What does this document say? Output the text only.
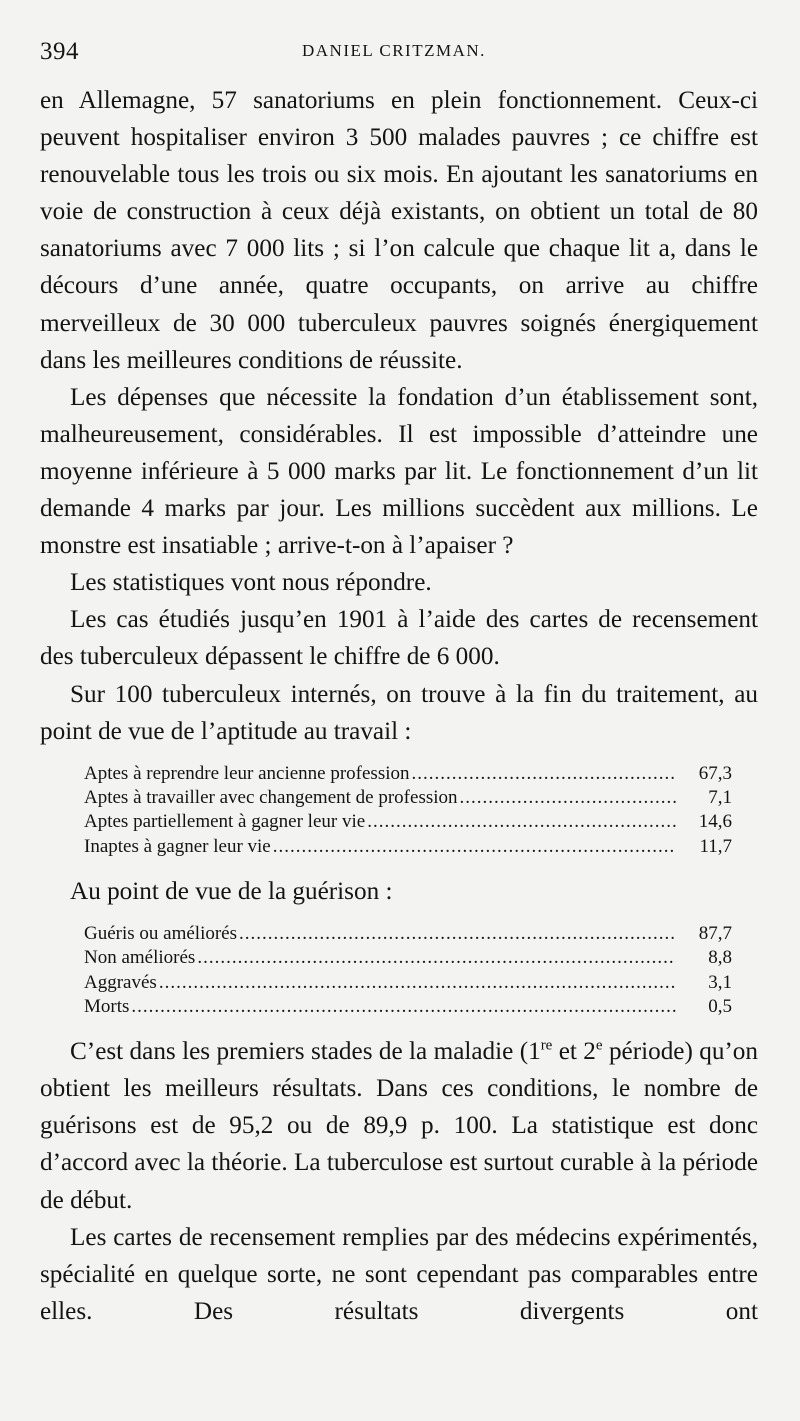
394	DANIEL CRITZMAN.

en Allemagne, 57 sanatoriums en plein fonctionnement. Ceux-ci peuvent hospitaliser environ 3 500 malades pauvres ; ce chiffre est renouvelable tous les trois ou six mois. En ajoutant les sanatoriums en voie de construction à ceux déjà existants, on obtient un total de 80 sanatoriums avec 7 000 lits ; si l’on calcule que chaque lit a, dans le décours d’une année, quatre occupants, on arrive au chiffre merveilleux de 30 000 tuberculeux pauvres soignés énergiquement dans les meilleures conditions de réussite.

Les dépenses que nécessite la fondation d’un établissement sont, malheureusement, considérables. Il est impossible d’atteindre une moyenne inférieure à 5 000 marks par lit. Le fonctionnement d’un lit demande 4 marks par jour. Les millions succèdent aux millions. Le monstre est insatiable ; arrive-t-on à l’apaiser ?

Les statistiques vont nous répondre.

Les cas étudiés jusqu’en 1901 à l’aide des cartes de recensement des tuberculeux dépassent le chiffre de 6 000.

Sur 100 tuberculeux internés, on trouve à la fin du traitement, au point de vue de l’aptitude au travail :

Aptes à reprendre leur ancienne profession .....	67,3
Aptes à travailler avec changement de profession .....	7,1
Aptes partiellement à gagner leur vie .....	14,6
Inaptes à gagner leur vie .....	11,7

Au point de vue de la guérison :

Guéris ou améliorés .....	87,7
Non améliorés .....	8,8
Aggravés .....	3,1
Morts .....	0,5

C’est dans les premiers stades de la maladie (1re et 2e période) qu’on obtient les meilleurs résultats. Dans ces conditions, le nombre de guérisons est de 95,2 ou de 89,9 p. 100. La statistique est donc d’accord avec la théorie. La tuberculose est surtout curable à la période de début.

Les cartes de recensement remplies par des médecins expérimentés, spécialité en quelque sorte, ne sont cependant pas comparables entre elles. Des résultats divergents ont
